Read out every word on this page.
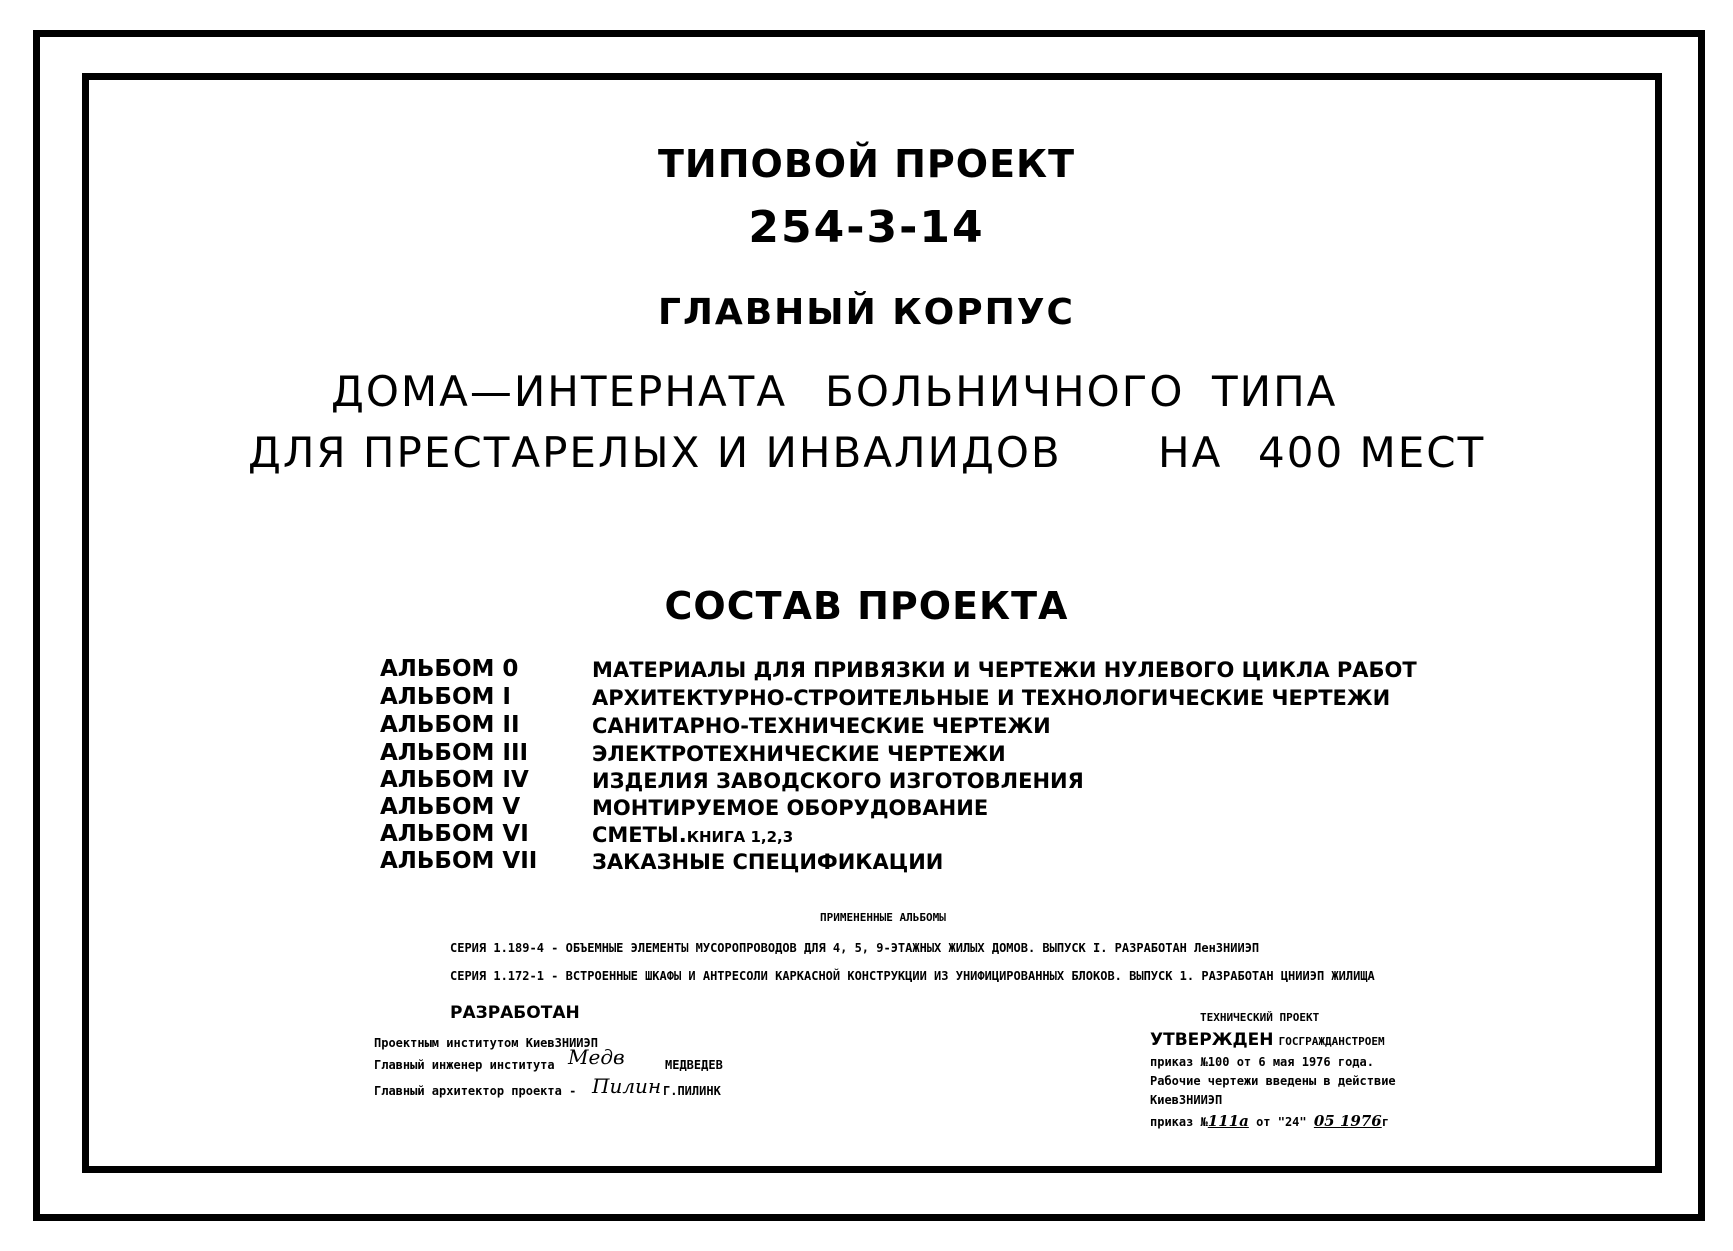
ТИПОВОЙ ПРОЕКТ
254-3-14
ГЛАВНЫЙ КОРПУС
ДОМА—ИНТЕРНАТА БОЛЬНИЧНОГО ТИПА
ДЛЯ ПРЕСТАРЕЛЫХ И ИНВАЛИДОВ НА 400 МЕСТ
СОСТАВ ПРОЕКТА
АЛЬБОМ 0	МАТЕРИАЛЫ ДЛЯ ПРИВЯЗКИ И ЧЕРТЕЖИ НУЛЕВОГО ЦИКЛА РАБОТ
АЛЬБОМ I	АРХИТЕКТУРНО-СТРОИТЕЛЬНЫЕ И ТЕХНОЛОГИЧЕСКИЕ ЧЕРТЕЖИ
АЛЬБОМ II	САНИТАРНО-ТЕХНИЧЕСКИЕ ЧЕРТЕЖИ
АЛЬБОМ III	ЭЛЕКТРОТЕХНИЧЕСКИЕ ЧЕРТЕЖИ
АЛЬБОМ IV	ИЗДЕЛИЯ ЗАВОДСКОГО ИЗГОТОВЛЕНИЯ
АЛЬБОМ V	МОНТИРУЕМОЕ ОБОРУДОВАНИЕ
АЛЬБОМ VI	СМЕТЫ.КНИГА 1,2,3
АЛЬБОМ VII	ЗАКАЗНЫЕ СПЕЦИФИКАЦИИ
ПРИМЕНЕННЫЕ АЛЬБОМЫ
СЕРИЯ 1.189-4 - ОБЪЕМНЫЕ ЭЛЕМЕНТЫ МУСОРОПРОВОДОВ ДЛЯ 4, 5, 9-ЭТАЖНЫХ ЖИЛЫХ ДОМОВ. ВЫПУСК I. РАЗРАБОТАН ЛенЗНИИЭП
СЕРИЯ 1.172-1 - ВСТРОЕННЫЕ ШКАФЫ И АНТРЕСОЛИ КАРКАСНОЙ КОНСТРУКЦИИ ИЗ УНИФИЦИРОВАННЫХ БЛОКОВ. ВЫПУСК 1. РАЗРАБОТАН ЦНИИЭП ЖИЛИЩА
РАЗРАБОТАН
Проектным институтом КиевЗНИИЭП
Главный инженер института Медв	МЕДВЕДЕВ
Главный архитектор проекта - Пилин Г.ПИЛИНК
ТЕХНИЧЕСКИЙ ПРОЕКТ
УТВЕРЖДЕН ГОСГРАЖДАНСТРОЕМ
приказ №100 от 6 мая 1976 года.
Рабочие чертежи введены в действие
КиевЗНИИЭП
приказ №111а от "24" 05 1976г
